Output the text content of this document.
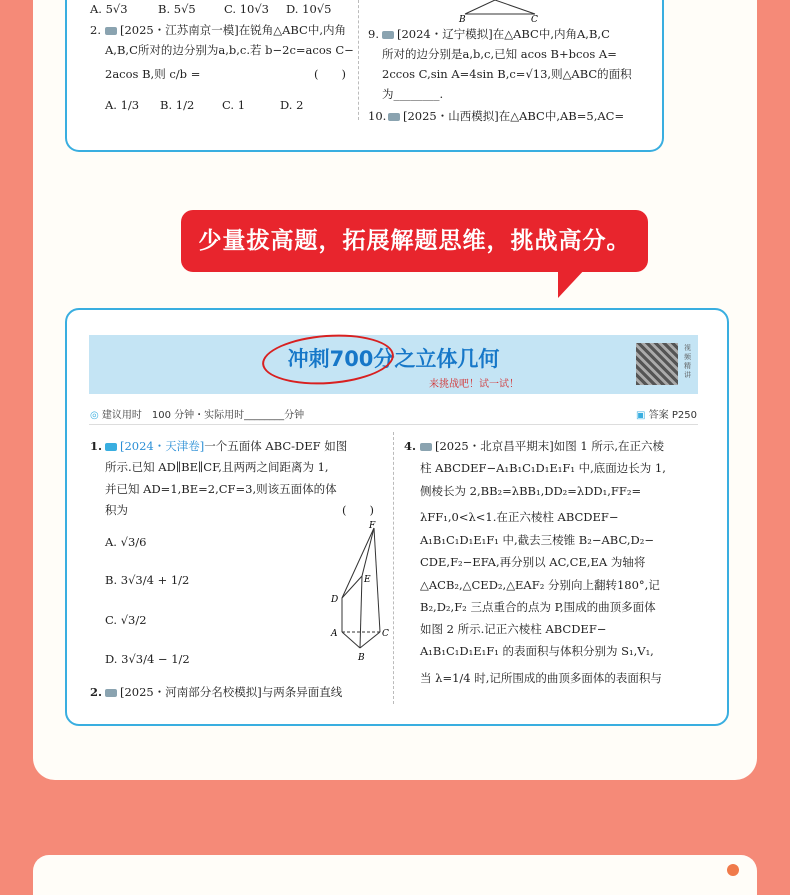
A. 5√3	B. 5√5 C. 10√3 D. 10√5
B	C
2.	[2025・江苏南京一模]在锐角△ABC中,内角
A,B,C所对的边分别为a,b,c.若 b−2c=acos C−
2acos B,则 c/b =	(　　)
A. 1/3 B. 1/2 C. 1	D. 2
9.	[2024・辽宁模拟]在△ABC中,内角A,B,C
所对的边分别是a,b,c,已知 acos B+bcos A=
2ccos C,sin A=4sin B,c=√13,则△ABC的面积
为________.
10.	[2025・山西模拟]在△ABC中,AB=5,AC=
少量拔高题，拓展解题思维，挑战高分。
冲刺700分之立体几何
来挑战吧！试一试！
视频精讲
◎ 建议用时　100 分钟・实际用时________分钟	▣ 答案 P250
1.	[2024・天津卷]一个五面体 ABC-DEF 如图
所示.已知 AD∥BE∥CF,且两两之间距离为 1,
并已知 AD=1,BE=2,CF=3,则该五面体的体
积为	(　　)
A. √3/6
B. 3√3/4 + 1/2
C. √3/2
D. 3√3/4 − 1/2
2.	[2025・河南部分名校模拟]与两条异面直线
F
E
D
A	C
B
4.	[2025・北京昌平期末]如图 1 所示,在正六棱
柱 ABCDEF−A₁B₁C₁D₁E₁F₁ 中,底面边长为 1,
侧棱长为 2,BB₂=λBB₁,DD₂=λDD₁,FF₂=
λFF₁,0<λ<1.在正六棱柱 ABCDEF−
A₁B₁C₁D₁E₁F₁ 中,截去三棱锥 B₂−ABC,D₂−
CDE,F₂−EFA,再分别以 AC,CE,EA 为轴将
△ACB₂,△CED₂,△EAF₂ 分别向上翻转180°,记
B₂,D₂,F₂ 三点重合的点为 P,围成的曲顶多面体
如图 2 所示.记正六棱柱 ABCDEF−
A₁B₁C₁D₁E₁F₁ 的表面积与体积分别为 S₁,V₁,
当 λ=1/4 时,记所围成的曲顶多面体的表面积与
